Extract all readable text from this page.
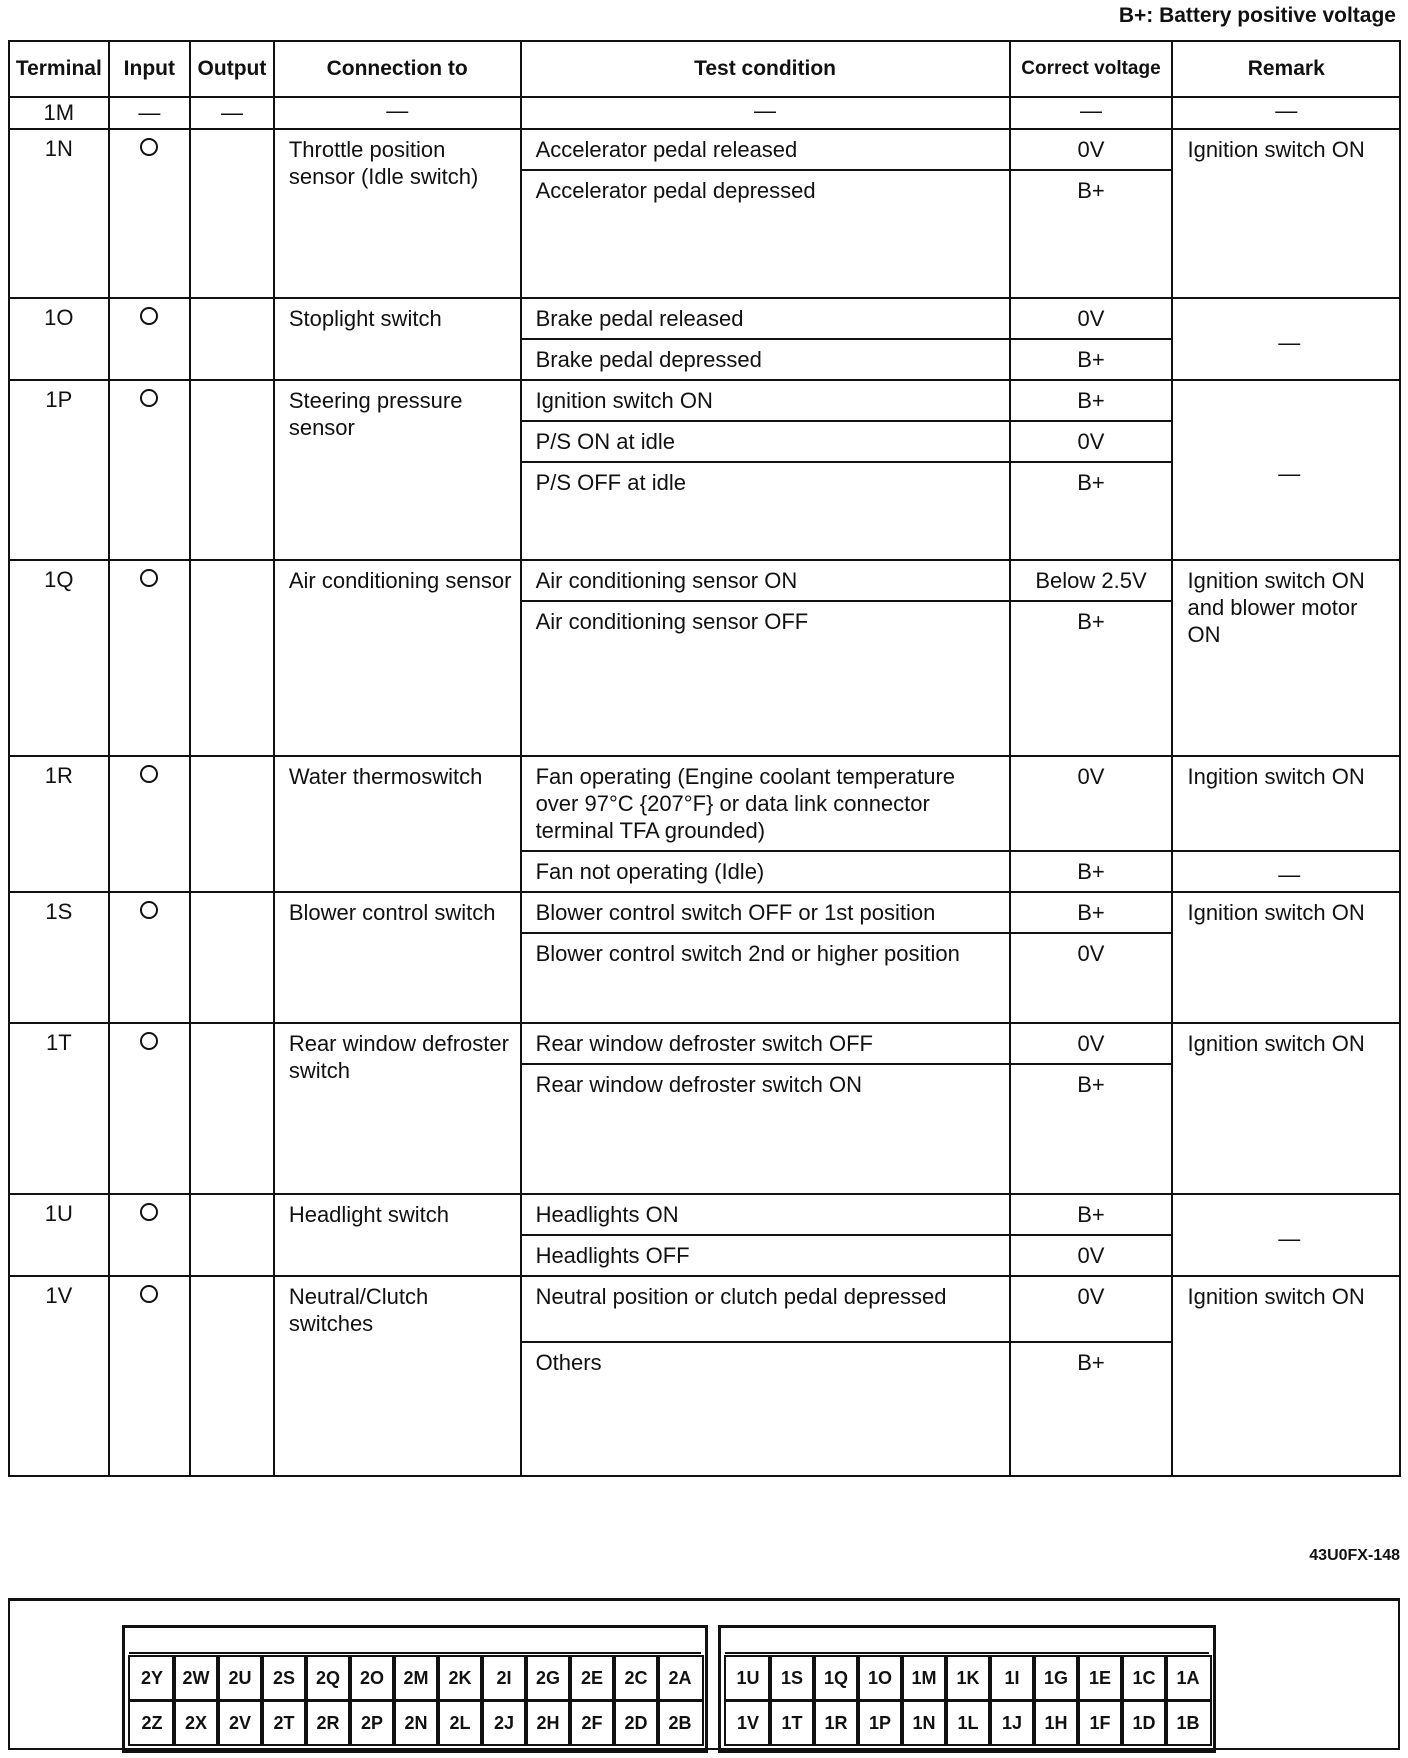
B+: Battery positive voltage
Terminal	Input	Output	Connection to	Test condition	Correct voltage	Remark
1M	—	—	—	—	—	—
1N			Throttle position sensor (Idle switch)	Accelerator pedal released	0V	Ignition switch ON
				Accelerator pedal depressed	B+	
1O			Stoplight switch	Brake pedal released	0V	—
				Brake pedal depressed	B+	
1P			Steering pressure sensor	Ignition switch ON	B+	—
				P/S ON at idle	0V	
				P/S OFF at idle	B+	
1Q			Air conditioning sensor	Air conditioning sensor ON	Below 2.5V	Ignition switch ON and blower motor ON
				Air conditioning sensor OFF	B+	
1R			Water thermoswitch	Fan operating (Engine coolant temperature over 97°C {207°F} or data link connector terminal TFA grounded)	0V	Ingition switch ON
				Fan not operating (Idle)	B+	—
1S			Blower control switch	Blower control switch OFF or 1st position	B+	Ignition switch ON
				Blower control switch 2nd or higher position	0V	
1T			Rear window defroster switch	Rear window defroster switch OFF	0V	Ignition switch ON
				Rear window defroster switch ON	B+	
1U			Headlight switch	Headlights ON	B+	—
				Headlights OFF	0V	
1V			Neutral/Clutch switches	Neutral position or clutch pedal depressed	0V	Ignition switch ON
				Others	B+	
43U0FX-148
2Y	2W	2U	2S	2Q	2O	2M	2K	2I	2G	2E	2C	2A
2Z	2X	2V	2T	2R	2P	2N	2L	2J	2H	2F	2D	2B
1U	1S	1Q	1O	1M	1K	1I	1G	1E	1C	1A
1V	1T	1R	1P	1N	1L	1J	1H	1F	1D	1B
